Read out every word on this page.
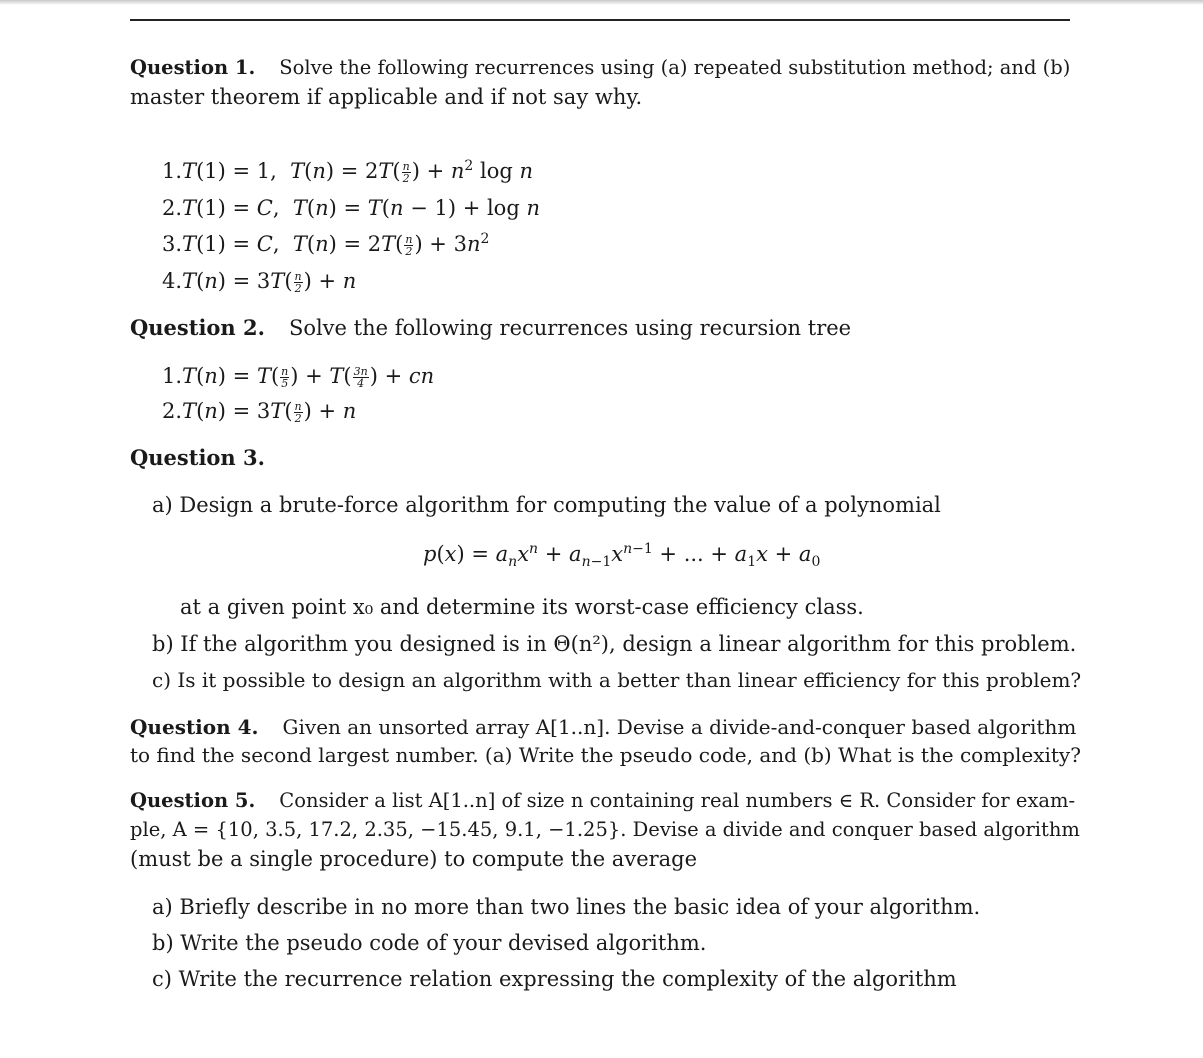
Question 1. Solve the following recurrences using (a) repeated substitution method; and (b)
master theorem if applicable and if not say why.
1.T(1) = 1,  $T(n) = 2T( \frac{n}{2}$ ) + $n^2$ log n
2.T(1) = C,  T(n) = T(n − 1) + log n
3.T(1) = C,  $T(n) = 2T( \frac{n}{2}$ ) + $3n^2$
$4.T(n) = 3T( \frac{n}{2}$ ) + n
Question 2. Solve the following recurrences using recursion tree
$1.T(n) = T( \frac{n}{5}$ ) + $T( \frac{3n}{4}$ ) + cn
$2.T(n) = 3T( \frac{n}{2}$ ) + n
Question 3.
a) Design a brute-force algorithm for computing the value of a polynomial
$p(x) = a_nx^n + a_{n-1}x^{n-1}$ + ... + $a_1x + a_0$
at a given point x₀ and determine its worst-case efficiency class.
b) If the algorithm you designed is in Θ(n²), design a linear algorithm for this problem.
c) Is it possible to design an algorithm with a better than linear efficiency for this problem?
Question 4. Given an unsorted array A[1..n]. Devise a divide-and-conquer based algorithm
to find the second largest number. (a) Write the pseudo code, and (b) What is the complexity?
Question 5. Consider a list A[1..n] of size n containing real numbers ∈ R. Consider for exam-
ple, A = {10, 3.5, 17.2, 2.35, −15.45, 9.1, −1.25}. Devise a divide and conquer based algorithm
(must be a single procedure) to compute the average
a) Briefly describe in no more than two lines the basic idea of your algorithm.
b) Write the pseudo code of your devised algorithm.
c) Write the recurrence relation expressing the complexity of the algorithm
